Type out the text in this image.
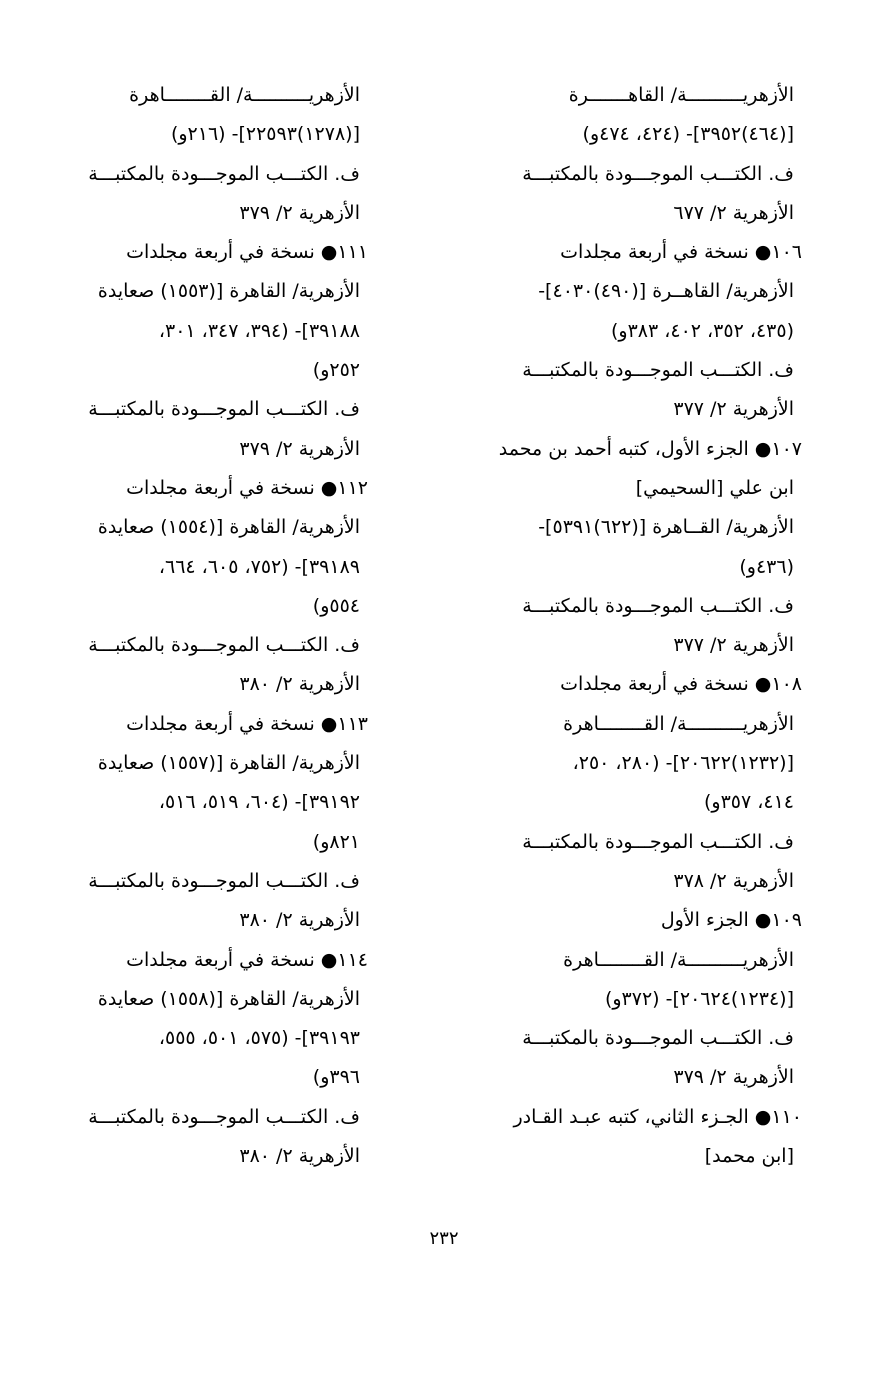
الأزهريــــــــــة/ القاهـــــــرة
[(٤٦٤)٣٩٥٢]- (٤٢٤، ٤٧٤و)
ف. الكتـــب الموجـــودة بالمكتبـــة
الأزهرية ٢/ ٦٧٧
١٠٦● نسخة في أربعة مجلدات
الأزهرية/ القاهــرة [(٤٩٠)٤٠٣٠]-
(٤٣٥، ٣٥٢، ٤٠٢، ٣٨٣و)
ف. الكتـــب الموجـــودة بالمكتبـــة
الأزهرية ٢/ ٣٧٧
١٠٧● الجزء الأول، كتبه أحمد بن محمد
ابن علي [السحيمي]
الأزهرية/ القــاهرة [(٦٢٢)٥٣٩١]-
(٤٣٦و)
ف. الكتـــب الموجـــودة بالمكتبـــة
الأزهرية ٢/ ٣٧٧
١٠٨● نسخة في أربعة مجلدات
الأزهريــــــــــة/ القــــــــاهرة
[(١٢٣٢)٢٠٦٢٢]- (٢٨٠، ٢٥٠،
٤١٤، ٣٥٧و)
ف. الكتـــب الموجـــودة بالمكتبـــة
الأزهرية ٢/ ٣٧٨
١٠٩● الجزء الأول
الأزهريــــــــــة/ القــــــــاهرة
[(١٢٣٤)٢٠٦٢٤]- (٣٧٢و)
ف. الكتـــب الموجـــودة بالمكتبـــة
الأزهرية ٢/ ٣٧٩
١١٠● الجـزء الثاني، كتبه عبـد القـادر
[ابن محمد]
الأزهريــــــــــة/ القــــــــاهرة
[(١٢٧٨)٢٢٥٩٣]- (٢١٦و)
ف. الكتـــب الموجـــودة بالمكتبـــة
الأزهرية ٢/ ٣٧٩
١١١● نسخة في أربعة مجلدات
الأزهرية/ القاهرة [(١٥٥٣) صعايدة
٣٩١٨٨]- (٣٩٤، ٣٤٧، ٣٠١،
٢٥٢و)
ف. الكتـــب الموجـــودة بالمكتبـــة
الأزهرية ٢/ ٣٧٩
١١٢● نسخة في أربعة مجلدات
الأزهرية/ القاهرة [(١٥٥٤) صعايدة
٣٩١٨٩]- (٧٥٢، ٦٠٥، ٦٦٤،
٥٥٤و)
ف. الكتـــب الموجـــودة بالمكتبـــة
الأزهرية ٢/ ٣٨٠
١١٣● نسخة في أربعة مجلدات
الأزهرية/ القاهرة [(١٥٥٧) صعايدة
٣٩١٩٢]- (٦٠٤، ٥١٩، ٥١٦،
٨٢١و)
ف. الكتـــب الموجـــودة بالمكتبـــة
الأزهرية ٢/ ٣٨٠
١١٤● نسخة في أربعة مجلدات
الأزهرية/ القاهرة [(١٥٥٨) صعايدة
٣٩١٩٣]- (٥٧٥، ٥٠١، ٥٥٥،
٣٩٦و)
ف. الكتـــب الموجـــودة بالمكتبـــة
الأزهرية ٢/ ٣٨٠
٢٣٢
